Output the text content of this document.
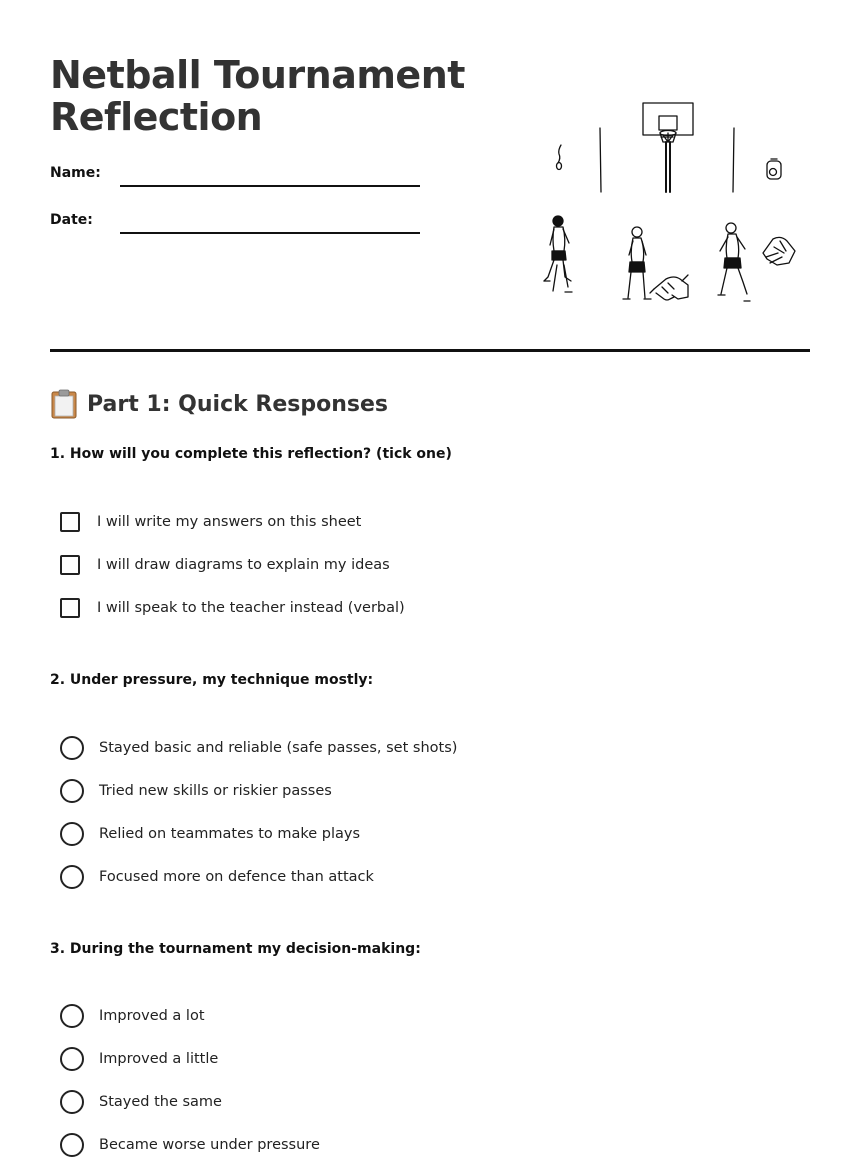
Netball Tournament Reflection
Name:
Date:
Part 1: Quick Responses

1. How will you complete this reflection? (tick one)

I will write my answers on this sheet
I will draw diagrams to explain my ideas
I will speak to the teacher instead (verbal)

2. Under pressure, my technique mostly:

Stayed basic and reliable (safe passes, set shots)
Tried new skills or riskier passes
Relied on teammates to make plays
Focused more on defence than attack

3. During the tournament my decision-making:

Improved a lot
Improved a little
Stayed the same
Became worse under pressure
